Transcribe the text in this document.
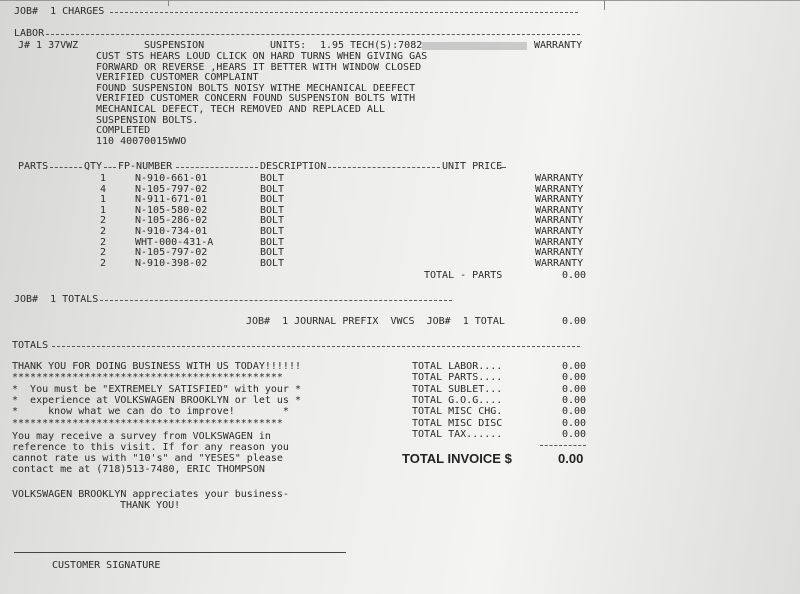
JOB#  1 CHARGES
LABOR
J# 1 37VWZ	SUSPENSION	UNITS: 1.95 TECH(S):7082	WARRANTY
CUST STS HEARS LOUD CLICK ON HARD TURNS WHEN GIVING GAS
FORWARD OR REVERSE ,HEARS IT BETTER WITH WINDOW CLOSED
VERIFIED CUSTOMER COMPLAINT
FOUND SUSPENSION BOLTS NOISY WITHE MECHANICAL DEEFECT
VERIFIED CUSTOMER CONCERN FOUND SUSPENSION BOLTS WITH
MECHANICAL DEFECT, TECH REMOVED AND REPLACED ALL
SUSPENSION BOLTS.
COMPLETED
110 40070015WWO
PARTS	QTY FP-NUMBER	DESCRIPTION	UNIT PRICE
1	N-910-661-01	BOLT	WARRANTY
4	N-105-797-02	BOLT	WARRANTY
1	N-911-671-01	BOLT	WARRANTY
1	N-105-580-02	BOLT	WARRANTY
2	N-105-286-02	BOLT	WARRANTY
2	N-910-734-01	BOLT	WARRANTY
2	WHT-000-431-A	BOLT	WARRANTY
2	N-105-797-02	BOLT	WARRANTY
2	N-910-398-02	BOLT	WARRANTY
TOTAL - PARTS	0.00
JOB#  1 TOTALS
JOB#  1 JOURNAL PREFIX  VWCS  JOB#  1 TOTAL	0.00
TOTALS
THANK YOU FOR DOING BUSINESS WITH US TODAY!!!!!!
*********************************************
*  You must be "EXTREMELY SATISFIED" with your *
*  experience at VOLKSWAGEN BROOKLYN or let us *
*     know what we can do to improve!        *
*********************************************
You may receive a survey from VOLKSWAGEN in
reference to this visit. If for any reason you
cannot rate us with "10's" and "YESES" please
contact me at (718)513-7480, ERIC THOMPSON
VOLKSWAGEN BROOKLYN appreciates your business-
THANK YOU!
TOTAL LABOR....	0.00
TOTAL PARTS....	0.00
TOTAL SUBLET...	0.00
TOTAL G.O.G....	0.00
TOTAL MISC CHG.	0.00
TOTAL MISC DISC	0.00
TOTAL TAX......	0.00
TOTAL INVOICE $	0.00
CUSTOMER SIGNATURE
